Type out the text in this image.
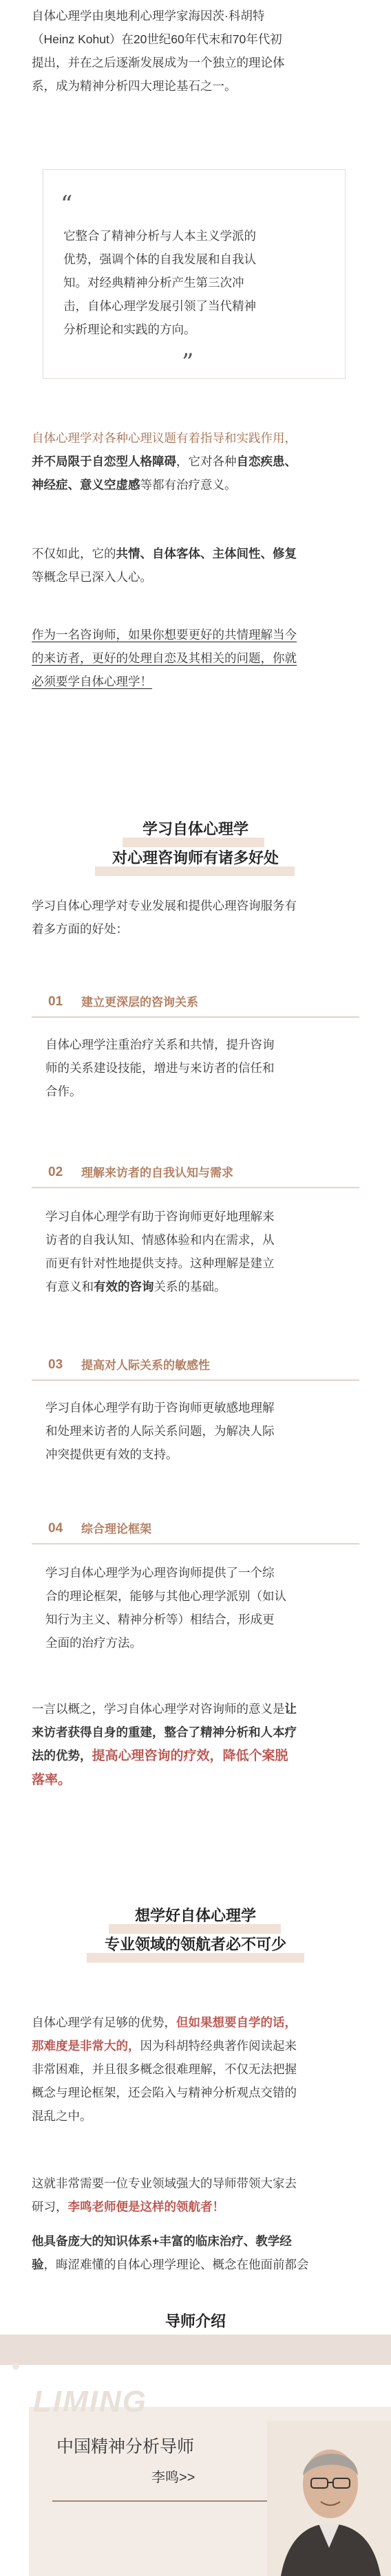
自体心理学由奥地利心理学家海因茨·科胡特
（Heinz Kohut）在20世纪60年代末和70年代初
提出，并在之后逐渐发展成为一个独立的理论体
系，成为精神分析四大理论基石之一。
“
它整合了精神分析与人本主义学派的
优势，强调个体的自我发展和自我认
知。对经典精神分析产生第三次冲
击，自体心理学发展引领了当代精神
分析理论和实践的方向。
”
自体心理学对各种心理议题有着指导和实践作用，
并不局限于自恋型人格障碍，它对各种自恋疾患、
神经症、意义空虚感等都有治疗意义。
不仅如此，它的共情、自体客体、主体间性、修复
等概念早已深入人心。
作为一名咨询师，如果你想要更好的共情理解当今
的来访者，更好的处理自恋及其相关的问题，你就
必须要学自体心理学！
学习自体心理学
对心理咨询师有诸多好处
学习自体心理学对专业发展和提供心理咨询服务有
着多方面的好处：
01 建立更深层的咨询关系
自体心理学注重治疗关系和共情，提升咨询
师的关系建设技能，增进与来访者的信任和
合作。
02 理解来访者的自我认知与需求
学习自体心理学有助于咨询师更好地理解来
访者的自我认知、情感体验和内在需求，从
而更有针对性地提供支持。这种理解是建立
有意义和有效的咨询关系的基础。
03 提高对人际关系的敏感性
学习自体心理学有助于咨询师更敏感地理解
和处理来访者的人际关系问题，为解决人际
冲突提供更有效的支持。
04 综合理论框架
学习自体心理学为心理咨询师提供了一个综
合的理论框架，能够与其他心理学派别（如认
知行为主义、精神分析等）相结合，形成更
全面的治疗方法。
一言以概之，学习自体心理学对咨询师的意义是让
来访者获得自身的重建，整合了精神分析和人本疗
法的优势，提高心理咨询的疗效，降低个案脱
落率。
想学好自体心理学
专业领域的领航者必不可少
自体心理学有足够的优势，但如果想要自学的话，
那难度是非常大的，因为科胡特经典著作阅读起来
非常困难，并且很多概念很难理解，不仅无法把握
概念与理论框架，还会陷入与精神分析观点交错的
混乱之中。
这就非常需要一位专业领域强大的导师带领大家去
研习，李鸣老师便是这样的领航者！
他具备庞大的知识体系+丰富的临床治疗、教学经
验，晦涩难懂的自体心理学理论、概念在他面前都会
导师介绍
LIMING
中国精神分析导师
李鸣>>
